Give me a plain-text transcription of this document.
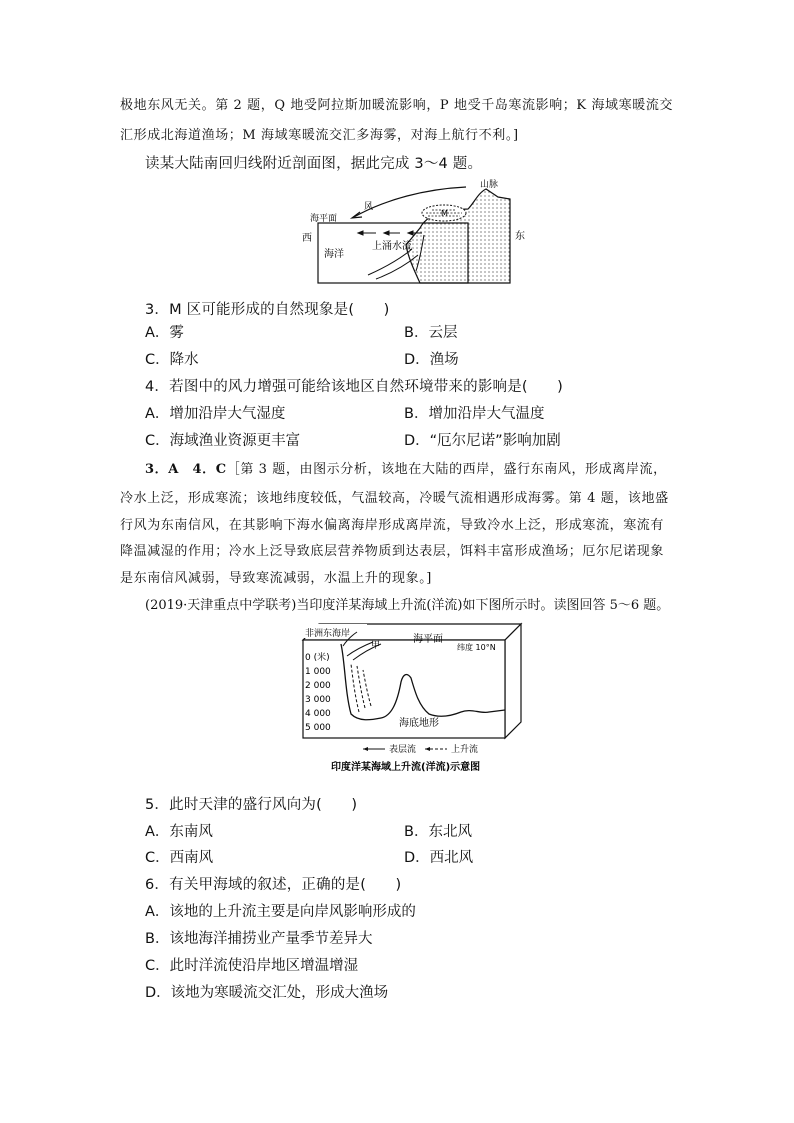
极地东风无关。第 2 题，Q 地受阿拉斯加暖流影响，P 地受千岛寒流影响；K 海域寒暖流交
汇形成北海道渔场；M 海域寒暖流交汇多海雾，对海上航行不利。]
读某大陆南回归线附近剖面图，据此完成 3～4 题。
西	东
海平面
风
山脉
M
海洋
上涌水流
3．M 区可能形成的自然现象是(　　)
A．雾	B．云层
C．降水	D．渔场
4．若图中的风力增强可能给该地区自然环境带来的影响是(　　)
A．增加沿岸大气湿度	B．增加沿岸大气温度
C．海域渔业资源更丰富	D．“厄尔尼诺”影响加剧
3．A　4．C［第 3 题，由图示分析，该地在大陆的西岸，盛行东南风，形成离岸流，
冷水上泛，形成寒流；该地纬度较低，气温较高，冷暖气流相遇形成海雾。第 4 题，该地盛
行风为东南信风，在其影响下海水偏离海岸形成离岸流，导致冷水上泛，形成寒流，寒流有
降温减湿的作用；冷水上泛导致底层营养物质到达表层，饵料丰富形成渔场；厄尔尼诺现象
是东南信风减弱，导致寒流减弱，水温上升的现象。]
(2019·天津重点中学联考)当印度洋某海域上升流(洋流)如下图所示时。读图回答 5～6 题。
非洲东海岸	海平面
甲	纬度 10°N
0 (米)
1 000
2 000
3 000
4 000
5 000	海底地形
表层流	上升流
印度洋某海域上升流(洋流)示意图
5．此时天津的盛行风向为(　　)
A．东南风	B．东北风
C．西南风	D．西北风
6．有关甲海域的叙述，正确的是(　　)
A．该地的上升流主要是向岸风影响形成的
B．该地海洋捕捞业产量季节差异大
C．此时洋流使沿岸地区增温增湿
D．该地为寒暖流交汇处，形成大渔场
